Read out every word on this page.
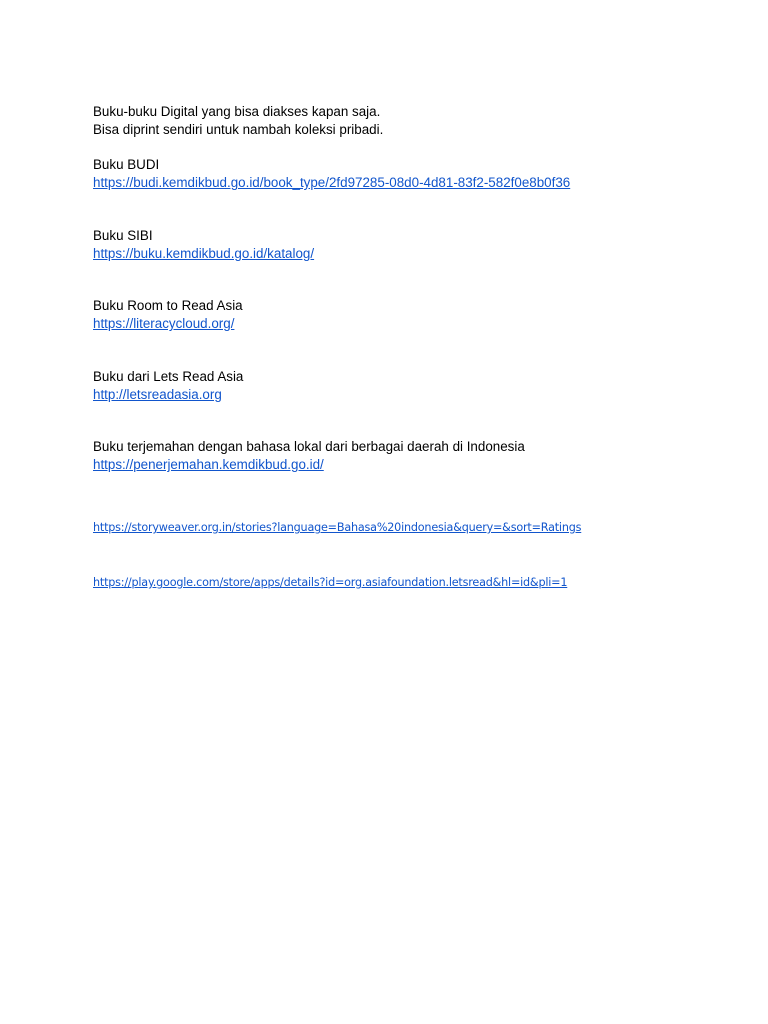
Buku-buku Digital yang bisa diakses kapan saja.
Bisa diprint sendiri untuk nambah koleksi pribadi.
Buku BUDI
https://budi.kemdikbud.go.id/book_type/2fd97285-08d0-4d81-83f2-582f0e8b0f36
Buku SIBI
https://buku.kemdikbud.go.id/katalog/
Buku Room to Read Asia
https://literacycloud.org/
Buku dari Lets Read Asia
http://letsreadasia.org
Buku terjemahan dengan bahasa lokal dari berbagai daerah di Indonesia
https://penerjemahan.kemdikbud.go.id/
https://storyweaver.org.in/stories?language=Bahasa%20indonesia&query=&sort=Ratings
https://play.google.com/store/apps/details?id=org.asiafoundation.letsread&hl=id&pli=1
